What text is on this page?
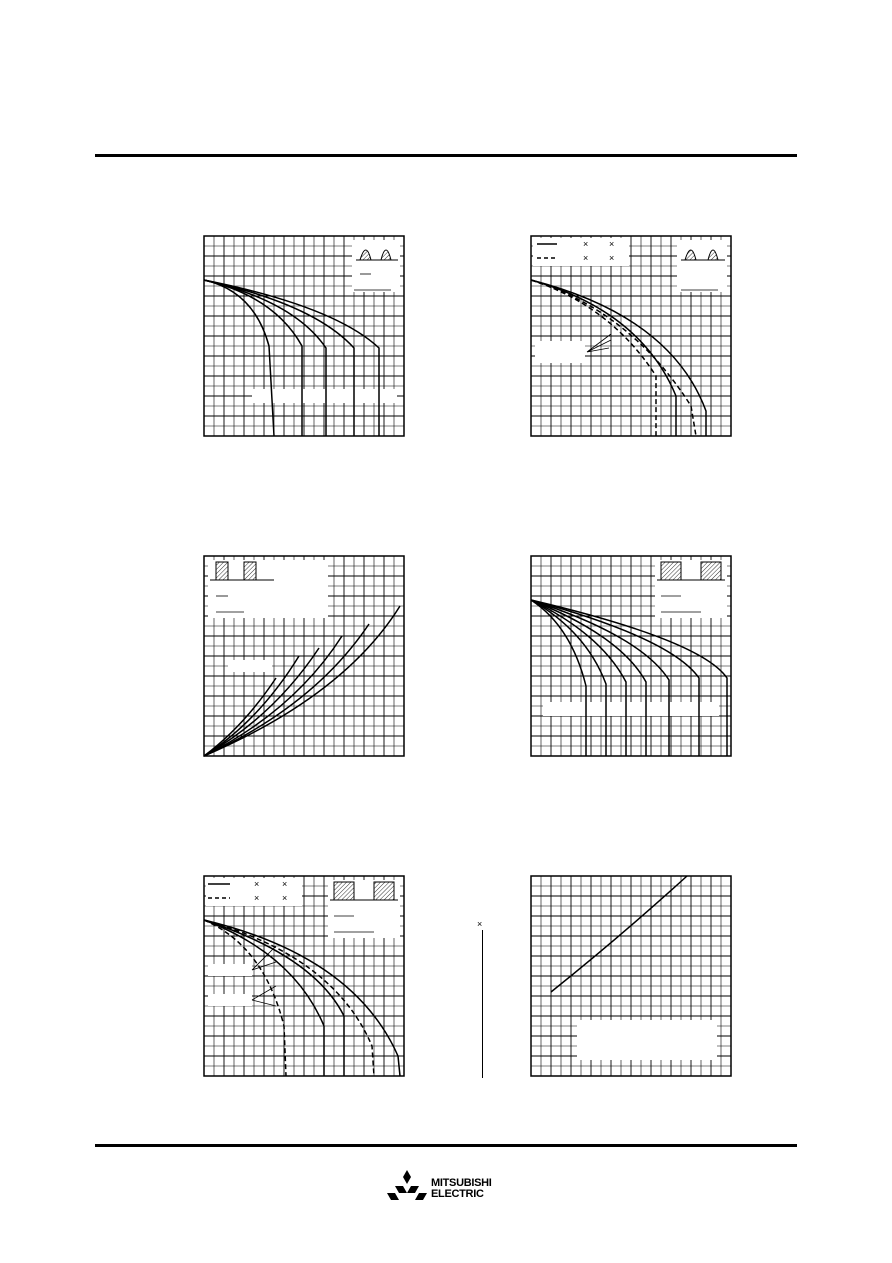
× ×
× ×
×	×
×	×
×
MITSUBISHI
ELECTRIC
